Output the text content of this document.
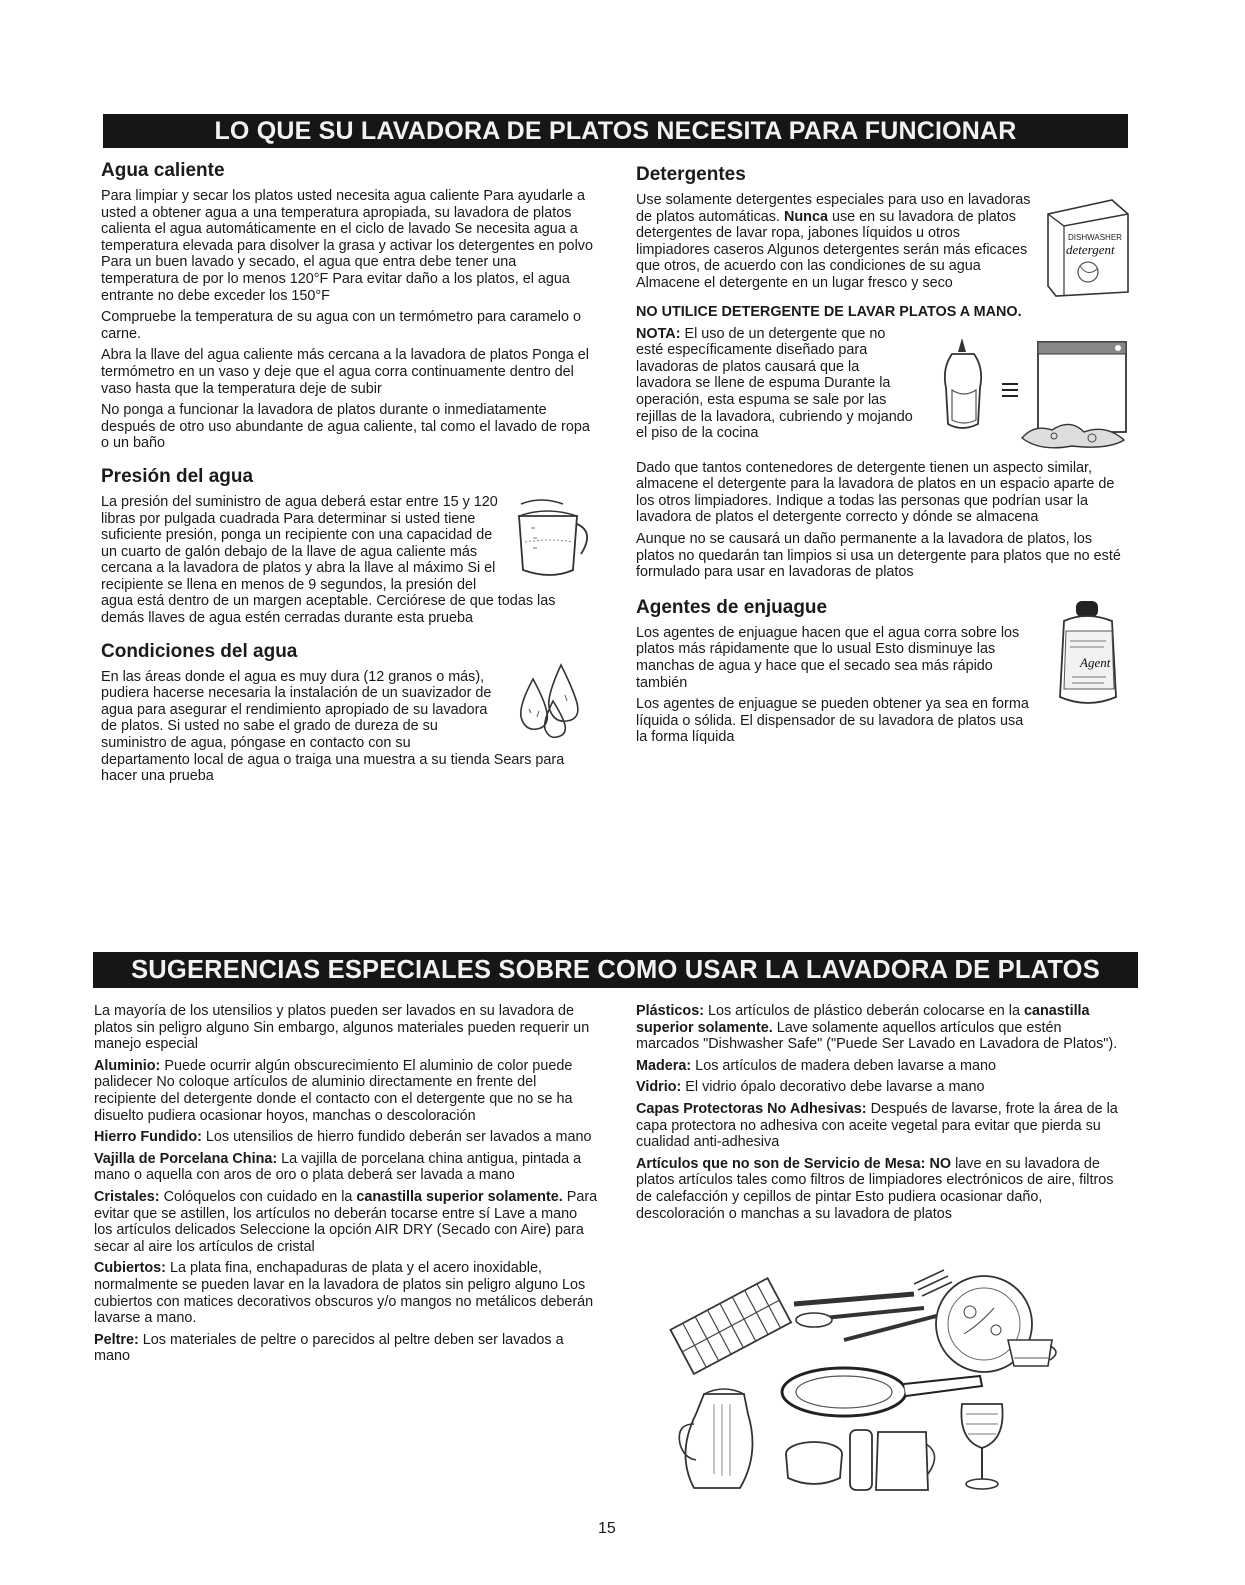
LO QUE SU LAVADORA DE PLATOS NECESITA PARA FUNCIONAR
Agua caliente

Para limpiar y secar los platos usted necesita agua caliente Para ayudarle a usted a obtener agua a una temperatura apropiada, su lavadora de platos calienta el agua automáticamente en el ciclo de lavado Se necesita agua a temperatura elevada para disolver la grasa y activar los detergentes en polvo Para un buen lavado y secado, el agua que entra debe tener una temperatura de por lo menos 120°F Para evitar daño a los platos, el agua entrante no debe exceder los 150°F

Compruebe la temperatura de su agua con un termómetro para caramelo o carne.

Abra la llave del agua caliente más cercana a la lavadora de platos Ponga el termómetro en un vaso y deje que el agua corra continuamente dentro del vaso hasta que la temperatura deje de subir

No ponga a funcionar la lavadora de platos durante o inmediatamente después de otro uso abundante de agua caliente, tal como el lavado de ropa o un baño

Presión del agua

La presión del suministro de agua deberá estar entre 15 y 120 libras por pulgada cuadrada Para determinar si usted tiene suficiente presión, ponga un recipiente con una capacidad de un cuarto de galón debajo de la llave de agua caliente más cercana a la lavadora de platos y abra la llave al máximo Si el recipiente se llena en menos de 9 segundos, la presión del agua está dentro de un margen aceptable. Cerciórese de que todas las demás llaves de agua estén cerradas durante esta prueba

Condiciones del agua

En las áreas donde el agua es muy dura (12 granos o más), pudiera hacerse necesaria la instalación de un suavizador de agua para asegurar el rendimiento apropiado de su lavadora de platos. Si usted no sabe el grado de dureza de su suministro de agua, póngase en contacto con su departamento local de agua o traiga una muestra a su tienda Sears para hacer una prueba

Detergentes
DISHWASHER
detergent

Use solamente detergentes especiales para uso en lavadoras de platos automáticas. Nunca use en su lavadora de platos detergentes de lavar ropa, jabones líquidos u otros limpiadores caseros Algunos detergentes serán más eficaces que otros, de acuerdo con las condiciones de su agua Almacene el detergente en un lugar fresco y seco

NO UTILICE DETERGENTE DE LAVAR PLATOS A MANO.

NOTA: El uso de un detergente que no esté específicamente diseñado para lavadoras de platos causará que la lavadora se llene de espuma Durante la operación, esta espuma se sale por las rejillas de la lavadora, cubriendo y mojando el piso de la cocina

Dado que tantos contenedores de detergente tienen un aspecto similar, almacene el detergente para la lavadora de platos en un espacio aparte de los otros limpiadores. Indique a todas las personas que podrían usar la lavadora de platos el detergente correcto y dónde se almacena

Aunque no se causará un daño permanente a la lavadora de platos, los platos no quedarán tan limpios si usa un detergente para platos que no esté formulado para usar en lavadoras de platos

Agentes de enjuague
Agent

Los agentes de enjuague hacen que el agua corra sobre los platos más rápidamente que lo usual Esto disminuye las manchas de agua y hace que el secado sea más rápido también

Los agentes de enjuague se pueden obtener ya sea en forma líquida o sólida. El dispensador de su lavadora de platos usa la forma líquida

SUGERENCIAS ESPECIALES SOBRE COMO USAR LA LAVADORA DE PLATOS

La mayoría de los utensilios y platos pueden ser lavados en su lavadora de platos sin peligro alguno Sin embargo, algunos materiales pueden requerir un manejo especial

Aluminio: Puede ocurrir algún obscurecimiento El aluminio de color puede palidecer No coloque artículos de aluminio directamente en frente del recipiente del detergente donde el contacto con el detergente que no se ha disuelto pudiera ocasionar hoyos, manchas o descoloración

Hierro Fundido: Los utensilios de hierro fundido deberán ser lavados a mano

Vajilla de Porcelana China: La vajilla de porcelana china antigua, pintada a mano o aquella con aros de oro o plata deberá ser lavada a mano

Cristales: Colóquelos con cuidado en la canastilla superior solamente. Para evitar que se astillen, los artículos no deberán tocarse entre sí Lave a mano los artículos delicados Seleccione la opción AIR DRY (Secado con Aire) para secar al aire los artículos de cristal

Cubiertos: La plata fina, enchapaduras de plata y el acero inoxidable, normalmente se pueden lavar en la lavadora de platos sin peligro alguno Los cubiertos con matices decorativos obscuros y/o mangos no metálicos deberán lavarse a mano.

Peltre: Los materiales de peltre o parecidos al peltre deben ser lavados a mano

Plásticos: Los artículos de plástico deberán colocarse en la canastilla superior solamente. Lave solamente aquellos artículos que estén marcados "Dishwasher Safe" ("Puede Ser Lavado en Lavadora de Platos").

Madera: Los artículos de madera deben lavarse a mano

Vidrio: El vidrio ópalo decorativo debe lavarse a mano

Capas Protectoras No Adhesivas: Después de lavarse, frote la área de la capa protectora no adhesiva con aceite vegetal para evitar que pierda su cualidad anti-adhesiva

Artículos que no son de Servicio de Mesa: NO lave en su lavadora de platos artículos tales como filtros de limpiadores electrónicos de aire, filtros de calefacción y cepillos de pintar Esto pudiera ocasionar daño, descoloración o manchas a su lavadora de platos

15
